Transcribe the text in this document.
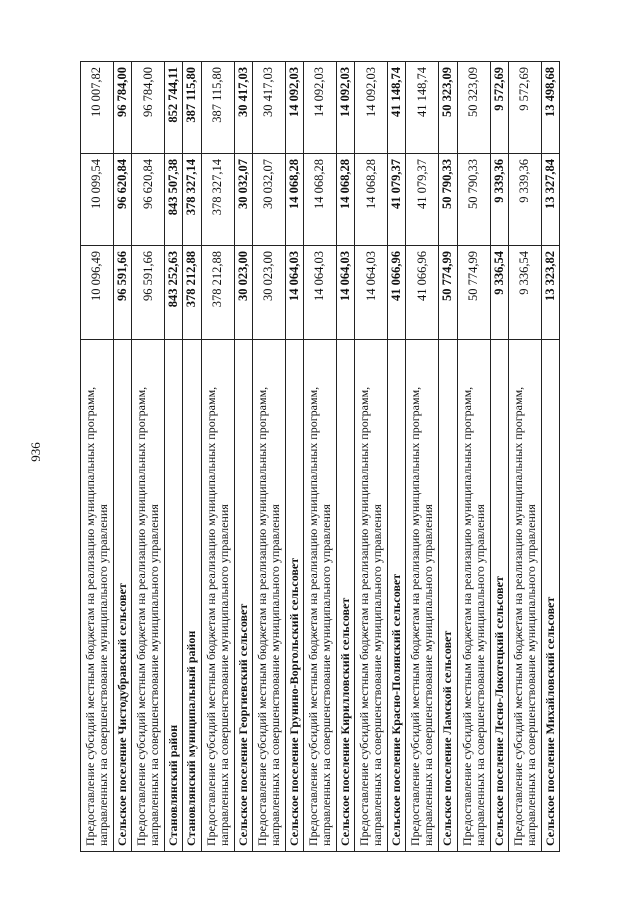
936	Предоставление субсидий местным бюджетам на реализацию муниципальных программ, направленных на совершенствование муниципального управления	10 096,49	10 099,54	10 007,82
Сельское поселение Чистодубравский сельсовет	96 591,66	96 620,84	96 784,00
Предоставление субсидий местным бюджетам на реализацию муниципальных программ, направленных на совершенствование муниципального управления	96 591,66	96 620,84	96 784,00
Становлянский район	843 252,63	843 507,38	852 744,11
Становлянский муниципальный район	378 212,88	378 327,14	387 115,80
Предоставление субсидий местным бюджетам на реализацию муниципальных программ, направленных на совершенствование муниципального управления	378 212,88	378 327,14	387 115,80
Сельское поселение Георгиевский сельсовет	30 023,00	30 032,07	30 417,03
Предоставление субсидий местным бюджетам на реализацию муниципальных программ, направленных на совершенствование муниципального управления	30 023,00	30 032,07	30 417,03
Сельское поселение Грунино-Воргольский сельсовет	14 064,03	14 068,28	14 092,03
Предоставление субсидий местным бюджетам на реализацию муниципальных программ, направленных на совершенствование муниципального управления	14 064,03	14 068,28	14 092,03
Сельское поселение Кирилловский сельсовет	14 064,03	14 068,28	14 092,03
Предоставление субсидий местным бюджетам на реализацию муниципальных программ, направленных на совершенствование муниципального управления	14 064,03	14 068,28	14 092,03
Сельское поселение Красно-Полянский сельсовет	41 066,96	41 079,37	41 148,74
Предоставление субсидий местным бюджетам на реализацию муниципальных программ, направленных на совершенствование муниципального управления	41 066,96	41 079,37	41 148,74
Сельское поселение Ламской сельсовет	50 774,99	50 790,33	50 323,09
Предоставление субсидий местным бюджетам на реализацию муниципальных программ, направленных на совершенствование муниципального управления	50 774,99	50 790,33	50 323,09
Сельское поселение Лесно-Локотецкий сельсовет	9 336,54	9 339,36	9 572,69
Предоставление субсидий местным бюджетам на реализацию муниципальных программ, направленных на совершенствование муниципального управления	9 336,54	9 339,36	9 572,69
Сельское поселение Михайловский сельсовет	13 323,82	13 327,84	13 498,68
